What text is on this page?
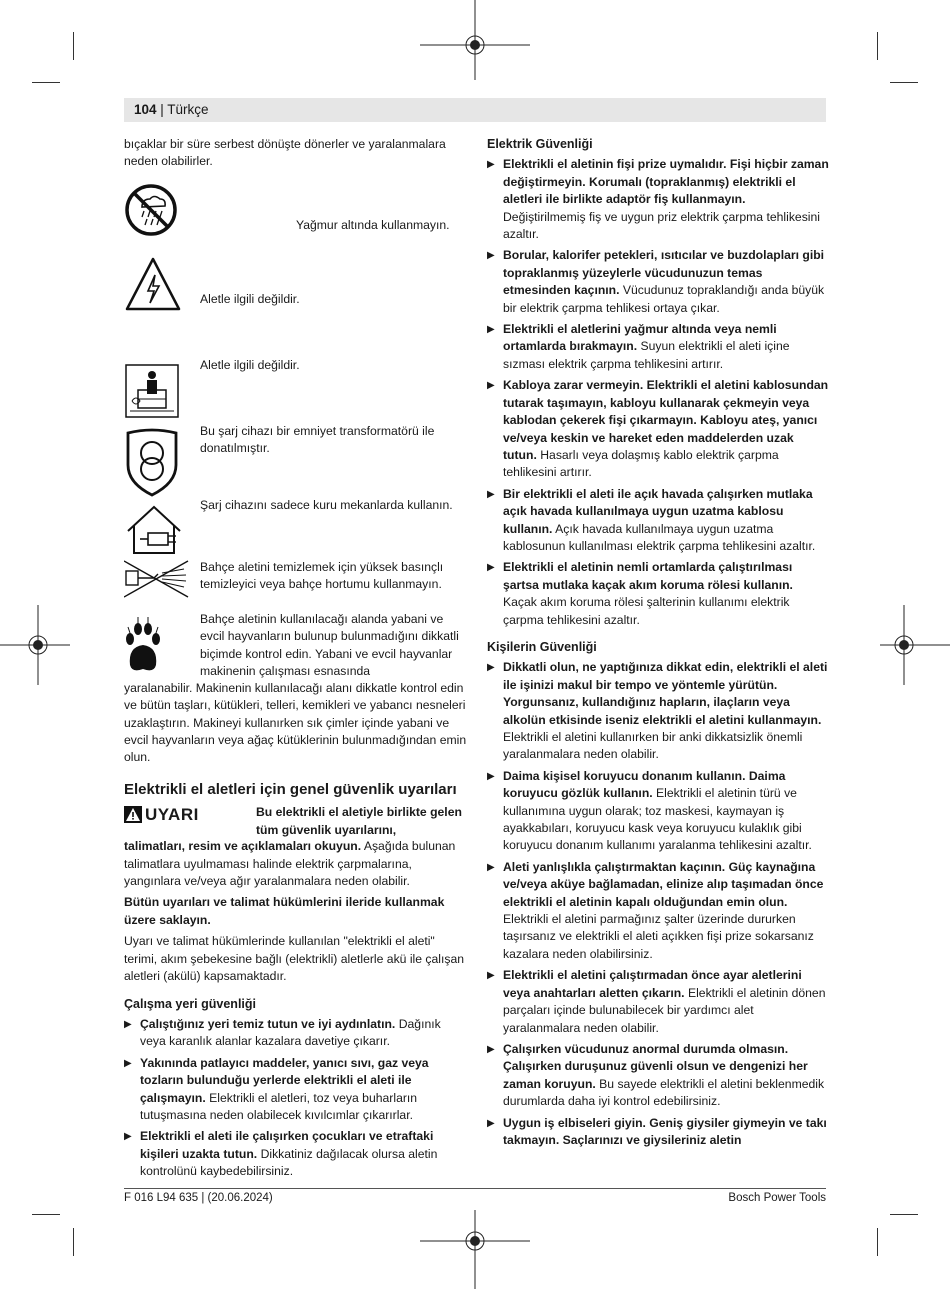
104 | Türkçe

bıçaklar bir süre serbest dönüşte dönerler ve yaralanmalara neden olabilirler.

Yağmur altında kullanmayın.
Aletle ilgili değildir.
Aletle ilgili değildir.
Bu şarj cihazı bir emniyet transformatörü ile donatılmıştır.
Şarj cihazını sadece kuru mekanlarda kullanın.
Bahçe aletini temizlemek için yüksek basınçlı temizleyici veya bahçe hortumu kullanmayın.
Bahçe aletinin kullanılacağı alanda yabani ve evcil hayvanların bulunup bulunmadığını dikkatli biçimde kontrol edin. Yabani ve evcil hayvanlar makinenin çalışması esnasında

yaralanabilir. Makinenin kullanılacağı alanı dikkatle kontrol edin ve bütün taşları, kütükleri, telleri, kemikleri ve yabancı nesneleri uzaklaştırın. Makineyi kullanırken sık çimler içinde yabani ve evcil hayvanların veya ağaç kütüklerinin bulunmadığından emin olun.

Elektrikli el aletleri için genel güvenlik uyarıları
UYARI	Bu elektrikli el aletiyle birlikte gelen tüm güvenlik uyarılarını,

talimatları, resim ve açıklamaları okuyun. Aşağıda bulunan talimatlara uyulmaması halinde elektrik çarpmalarına, yangınlara ve/veya ağır yaralanmalara neden olabilir.

Bütün uyarıları ve talimat hükümlerini ileride kullanmak üzere saklayın.

Uyarı ve talimat hükümlerinde kullanılan "elektrikli el aleti" terimi, akım şebekesine bağlı (elektrikli) aletlerle akü ile çalışan aletleri (akülü) kapsamaktadır.

Çalışma yeri güvenliği
▶ Çalıştığınız yeri temiz tutun ve iyi aydınlatın. Dağınık veya karanlık alanlar kazalara davetiye çıkarır.
▶ Yakınında patlayıcı maddeler, yanıcı sıvı, gaz veya tozların bulunduğu yerlerde elektrikli el aleti ile çalışmayın. Elektrikli el aletleri, toz veya buharların tutuşmasına neden olabilecek kıvılcımlar çıkarırlar.
▶ Elektrikli el aleti ile çalışırken çocukları ve etraftaki kişileri uzakta tutun. Dikkatiniz dağılacak olursa aletin kontrolünü kaybedebilirsiniz.
Elektrik Güvenliği
▶ Elektrikli el aletinin fişi prize uymalıdır. Fişi hiçbir zaman değiştirmeyin. Korumalı (topraklanmış) elektrikli el aletleri ile birlikte adaptör fiş kullanmayın. Değiştirilmemiş fiş ve uygun priz elektrik çarpma tehlikesini azaltır.
▶ Borular, kalorifer petekleri, ısıtıcılar ve buzdolapları gibi topraklanmış yüzeylerle vücudunuzun temas etmesinden kaçının. Vücudunuz topraklandığı anda büyük bir elektrik çarpma tehlikesi ortaya çıkar.
▶ Elektrikli el aletlerini yağmur altında veya nemli ortamlarda bırakmayın. Suyun elektrikli el aleti içine sızması elektrik çarpma tehlikesini artırır.
▶ Kabloya zarar vermeyin. Elektrikli el aletini kablosundan tutarak taşımayın, kabloyu kullanarak çekmeyin veya kablodan çekerek fişi çıkarmayın. Kabloyu ateş, yanıcı ve/veya keskin ve hareket eden maddelerden uzak tutun. Hasarlı veya dolaşmış kablo elektrik çarpma tehlikesini artırır.
▶ Bir elektrikli el aleti ile açık havada çalışırken mutlaka açık havada kullanılmaya uygun uzatma kablosu kullanın. Açık havada kullanılmaya uygun uzatma kablosunun kullanılması elektrik çarpma tehlikesini azaltır.
▶ Elektrikli el aletinin nemli ortamlarda çalıştırılması şartsa mutlaka kaçak akım koruma rölesi kullanın. Kaçak akım koruma rölesi şalterinin kullanımı elektrik çarpma tehlikesini azaltır.
Kişilerin Güvenliği
▶ Dikkatli olun, ne yaptığınıza dikkat edin, elektrikli el aleti ile işinizi makul bir tempo ve yöntemle yürütün. Yorgunsanız, kullandığınız hapların, ilaçların veya alkolün etkisinde iseniz elektrikli el aletini kullanmayın. Elektrikli el aletini kullanırken bir anki dikkatsizlik önemli yaralanmalara neden olabilir.
▶ Daima kişisel koruyucu donanım kullanın. Daima koruyucu gözlük kullanın. Elektrikli el aletinin türü ve kullanımına uygun olarak; toz maskesi, kaymayan iş ayakkabıları, koruyucu kask veya koruyucu kulaklık gibi koruyucu donanım kullanımı yaralanma tehlikesini azaltır.
▶ Aleti yanlışlıkla çalıştırmaktan kaçının. Güç kaynağına ve/veya aküye bağlamadan, elinize alıp taşımadan önce elektrikli el aletinin kapalı olduğundan emin olun. Elektrikli el aletini parmağınız şalter üzerinde dururken taşırsanız ve elektrikli el aleti açıkken fişi prize sokarsanız kazalara neden olabilirsiniz.
▶ Elektrikli el aletini çalıştırmadan önce ayar aletlerini veya anahtarları aletten çıkarın. Elektrikli el aletinin dönen parçaları içinde bulunabilecek bir yardımcı alet yaralanmalara neden olabilir.
▶ Çalışırken vücudunuz anormal durumda olmasın. Çalışırken duruşunuz güvenli olsun ve dengenizi her zaman koruyun. Bu sayede elektrikli el aletini beklenmedik durumlarda daha iyi kontrol edebilirsiniz.
▶ Uygun iş elbiseleri giyin. Geniş giysiler giymeyin ve takı takmayın. Saçlarınızı ve giysileriniz aletin
F 016 L94 635 | (20.06.2024)	Bosch Power Tools
